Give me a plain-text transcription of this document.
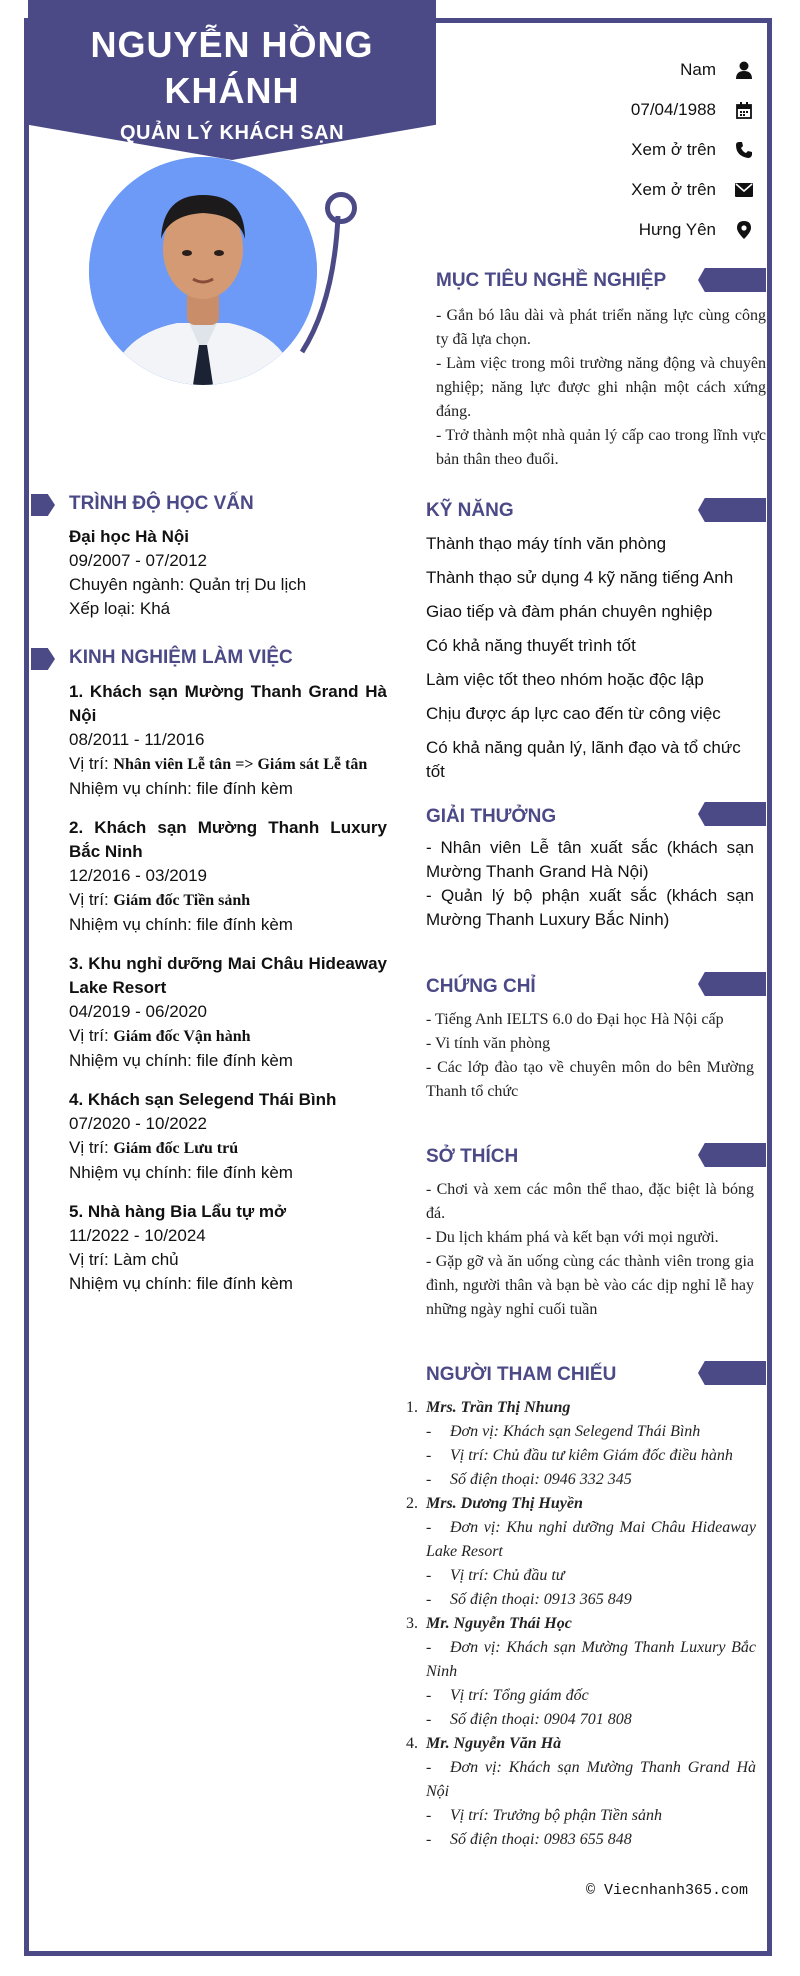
NGUYỄN HỒNG
KHÁNH
QUẢN LÝ KHÁCH SẠN
Nam
07/04/1988
Xem ở trên
Xem ở trên
Hưng Yên
MỤC TIÊU NGHỀ NGHIỆP
- Gắn bó lâu dài và phát triển năng lực cùng công ty đã lựa chọn.
- Làm việc trong môi trường năng động và chuyên nghiệp; năng lực được ghi nhận một cách xứng đáng.
- Trở thành một nhà quản lý cấp cao trong lĩnh vực bản thân theo đuổi.
TRÌNH ĐỘ HỌC VẤN
Đại học Hà Nội
09/2007 - 07/2012
Chuyên ngành: Quản trị Du lịch
Xếp loại: Khá
KINH NGHIỆM LÀM VIỆC
1. Khách sạn Mường Thanh Grand Hà Nội
08/2011 - 11/2016
Vị trí: Nhân viên Lễ tân => Giám sát Lễ tân
Nhiệm vụ chính: file đính kèm
2. Khách sạn Mường Thanh Luxury Bắc Ninh
12/2016 - 03/2019
Vị trí: Giám đốc Tiền sảnh
Nhiệm vụ chính: file đính kèm
3. Khu nghỉ dưỡng Mai Châu Hideaway Lake Resort
04/2019 - 06/2020
Vị trí: Giám đốc Vận hành
Nhiệm vụ chính: file đính kèm
4. Khách sạn Selegend Thái Bình
07/2020 - 10/2022
Vị trí: Giám đốc Lưu trú
Nhiệm vụ chính: file đính kèm
5. Nhà hàng Bia Lẩu tự mở
11/2022 - 10/2024
Vị trí: Làm chủ
Nhiệm vụ chính: file đính kèm
KỸ NĂNG
Thành thạo máy tính văn phòng
Thành thạo sử dụng 4 kỹ năng tiếng Anh
Giao tiếp và đàm phán chuyên nghiệp
Có khả năng thuyết trình tốt
Làm việc tốt theo nhóm hoặc độc lập
Chịu được áp lực cao đến từ công việc
Có khả năng quản lý, lãnh đạo và tổ chức tốt
GIẢI THƯỞNG
- Nhân viên Lễ tân xuất sắc (khách sạn Mường Thanh Grand Hà Nội)
- Quản lý bộ phận xuất sắc (khách sạn Mường Thanh Luxury Bắc Ninh)
CHỨNG CHỈ
- Tiếng Anh IELTS 6.0 do Đại học Hà Nội cấp
- Vi tính văn phòng
- Các lớp đào tạo về chuyên môn do bên Mường Thanh tổ chức
SỞ THÍCH
- Chơi và xem các môn thể thao, đặc biệt là bóng đá.
- Du lịch khám phá và kết bạn với mọi người.
- Gặp gỡ và ăn uống cùng các thành viên trong gia đình, người thân và bạn bè vào các dịp nghỉ lễ hay những ngày nghỉ cuối tuần
NGƯỜI THAM CHIẾU
1. Mrs. Trần Thị Nhung
- Đơn vị: Khách sạn Selegend Thái Bình
- Vị trí: Chủ đầu tư kiêm Giám đốc điều hành
- Số điện thoại: 0946 332 345
2. Mrs. Dương Thị Huyền
- Đơn vị: Khu nghỉ dưỡng Mai Châu Hideaway Lake Resort
- Vị trí: Chủ đầu tư
- Số điện thoại: 0913 365 849
3. Mr. Nguyễn Thái Học
- Đơn vị: Khách sạn Mường Thanh Luxury Bắc Ninh
- Vị trí: Tổng giám đốc
- Số điện thoại: 0904 701 808
4. Mr. Nguyễn Văn Hà
- Đơn vị: Khách sạn Mường Thanh Grand Hà Nội
- Vị trí: Trưởng bộ phận Tiền sảnh
- Số điện thoại: 0983 655 848
© Viecnhanh365.com
